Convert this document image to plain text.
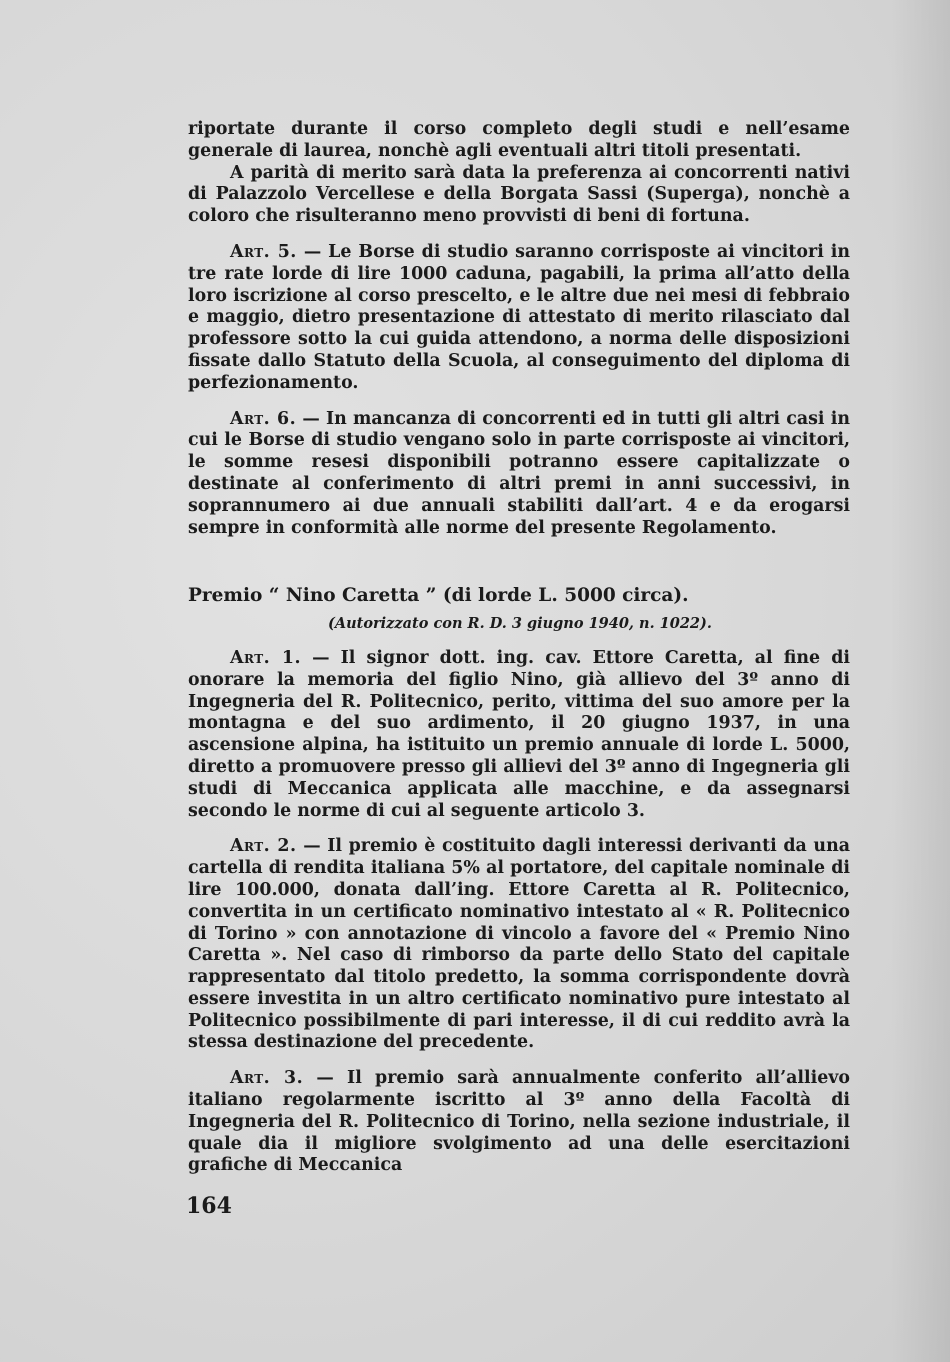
riportate durante il corso completo degli studi e nell’esame generale di laurea, nonchè agli eventuali altri titoli presentati.

A parità di merito sarà data la preferenza ai concorrenti nativi di Palazzolo Vercellese e della Borgata Sassi (Superga), nonchè a coloro che risulteranno meno provvisti di beni di fortuna.

Art. 5. — Le Borse di studio saranno corrisposte ai vincitori in tre rate lorde di lire 1000 caduna, pagabili, la prima all’atto della loro iscrizione al corso prescelto, e le altre due nei mesi di febbraio e maggio, dietro presentazione di attestato di merito rilasciato dal professore sotto la cui guida attendono, a norma delle disposizioni fissate dallo Statuto della Scuola, al conseguimento del diploma di perfezionamento.

Art. 6. — In mancanza di concorrenti ed in tutti gli altri casi in cui le Borse di studio vengano solo in parte corrisposte ai vincitori, le somme resesi disponibili potranno essere capitalizzate o destinate al conferimento di altri premi in anni successivi, in soprannumero ai due annuali stabiliti dall’art. 4 e da erogarsi sempre in conformità alle norme del presente Regolamento.

Premio “ Nino Caretta ” (di lorde L. 5000 circa).

(Autorizzato con R. D. 3 giugno 1940, n. 1022).

Art. 1. — Il signor dott. ing. cav. Ettore Caretta, al fine di onorare la memoria del figlio Nino, già allievo del 3º anno di Ingegneria del R. Politecnico, perito, vittima del suo amore per la montagna e del suo ardimento, il 20 giugno 1937, in una ascensione alpina, ha istituito un premio annuale di lorde L. 5000, diretto a promuovere presso gli allievi del 3º anno di Ingegneria gli studi di Meccanica applicata alle macchine, e da assegnarsi secondo le norme di cui al seguente articolo 3.

Art. 2. — Il premio è costituito dagli interessi derivanti da una cartella di rendita italiana 5% al portatore, del capitale nominale di lire 100.000, donata dall’ing. Ettore Caretta al R. Politecnico, convertita in un certificato nominativo intestato al « R. Politecnico di Torino » con annotazione di vincolo a favore del « Premio Nino Caretta ». Nel caso di rimborso da parte dello Stato del capitale rappresentato dal titolo predetto, la somma corrispondente dovrà essere investita in un altro certificato nominativo pure intestato al Politecnico possibilmente di pari interesse, il di cui reddito avrà la stessa destinazione del precedente.

Art. 3. — Il premio sarà annualmente conferito all’allievo italiano regolarmente iscritto al 3º anno della Facoltà di Ingegneria del R. Politecnico di Torino, nella sezione industriale, il quale dia il migliore svolgimento ad una delle esercitazioni grafiche di Meccanica

164
